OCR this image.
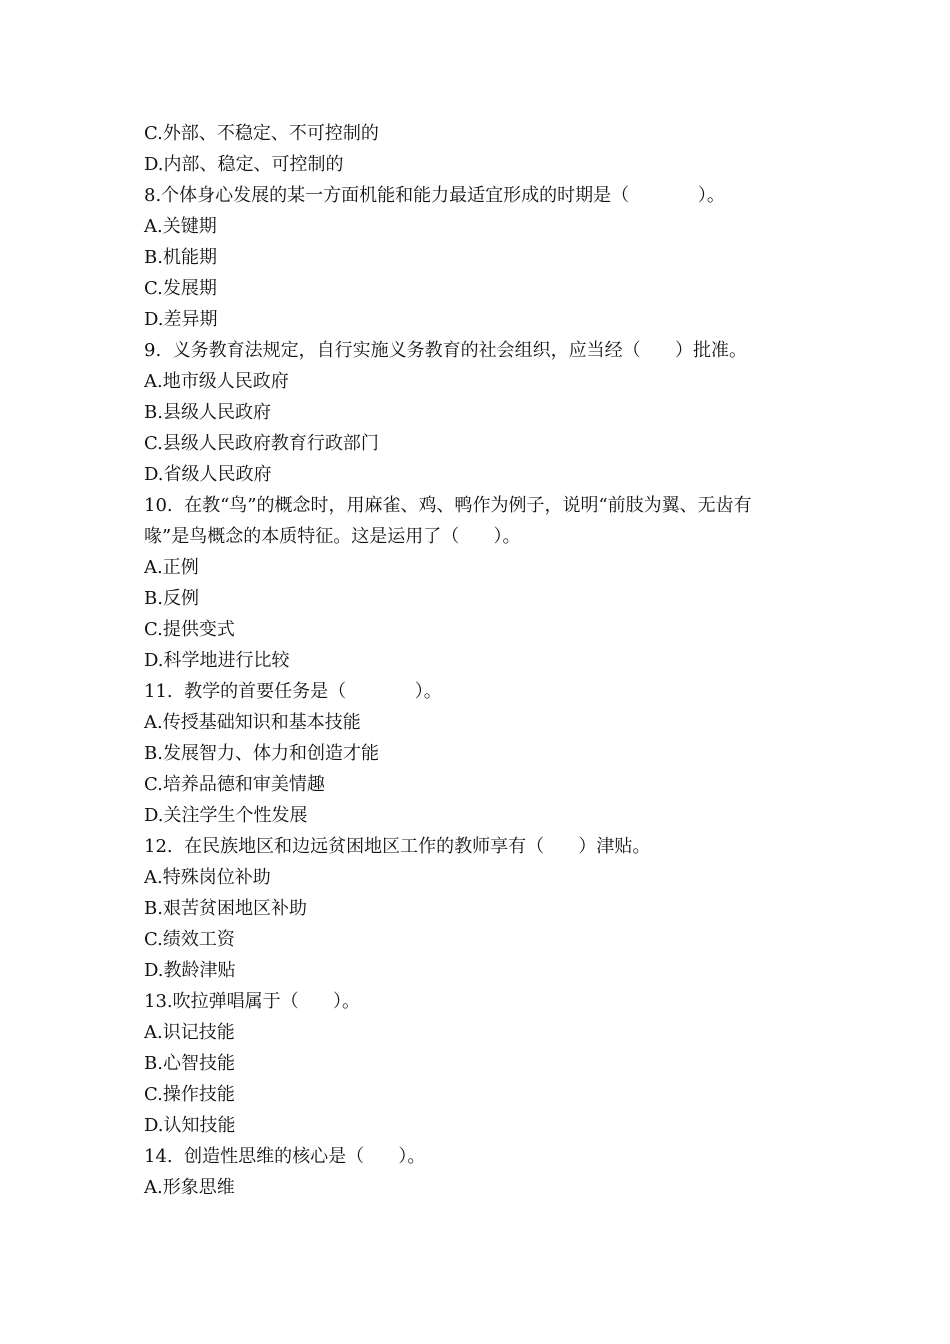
C.外部、不稳定、不可控制的

D.内部、稳定、可控制的

8.个体身心发展的某一方面机能和能力最适宜形成的时期是（            ）。

A.关键期

B.机能期

C.发展期

D.差异期

9.  义务教育法规定，自行实施义务教育的社会组织，应当经（      ）批准。

A.地市级人民政府

B.县级人民政府

C.县级人民政府教育行政部门

D.省级人民政府

10.  在教“鸟”的概念时，用麻雀、鸡、鸭作为例子，说明“前肢为翼、无齿有

喙”是鸟概念的本质特征。这是运用了（      ）。

A.正例

B.反例

C.提供变式

D.科学地进行比较

11.  教学的首要任务是（            ）。

A.传授基础知识和基本技能

B.发展智力、体力和创造才能

C.培养品德和审美情趣

D.关注学生个性发展

12.  在民族地区和边远贫困地区工作的教师享有（      ）津贴。

A.特殊岗位补助

B.艰苦贫困地区补助

C.绩效工资

D.教龄津贴

13.吹拉弹唱属于（      ）。

A.识记技能

B.心智技能

C.操作技能

D.认知技能

14.  创造性思维的核心是（      ）。

A.形象思维
